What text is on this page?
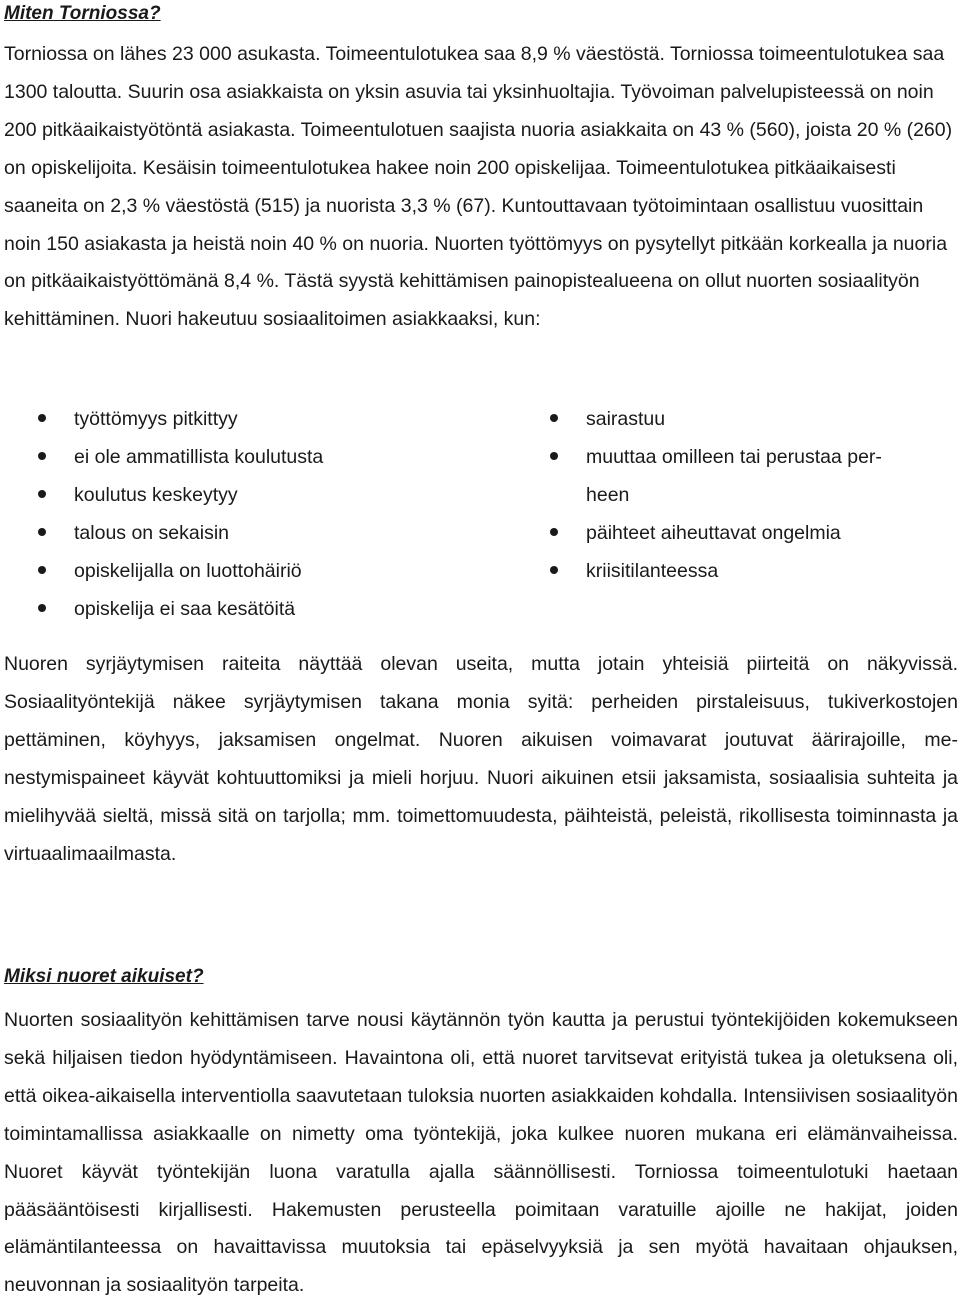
Miten Torniossa?

Torniossa on lähes 23 000 asukasta. Toimeentulotukea saa 8,9 % väestöstä. Torniossa toimeentulotukea saa 1300 taloutta. Suurin osa asiakkaista on yksin asuvia tai yksinhuoltajia. Työvoiman palvelupisteessä on noin 200 pitkäaikaistyötöntä asiakasta. Toimeentulotuen saajista nuoria asiakkaita on 43 % (560), joista 20 % (260) on opiskelijoita. Kesäisin toimeentulotukea hakee noin 200 opiskelijaa. Toimeentulotukea pitkäaikaisesti saaneita on 2,3 % väestöstä (515) ja nuorista 3,3 % (67). Kuntouttavaan työtoimintaan osallistuu vuosittain noin 150 asiakasta ja heistä noin 40 % on nuoria. Nuorten työttömyys on pysytellyt pitkään korkealla ja nuoria on pitkäaikaistyöttömänä 8,4 %. Tästä syystä kehittämisen painopistealueena on ollut nuorten sosiaalityön kehittäminen. Nuori hakeutuu sosiaalitoimen asiakkaaksi, kun:

työttömyys pitkittyy
ei ole ammatillista koulutusta
koulutus keskeytyy
talous on sekaisin
opiskelijalla on luottohäiriö
opiskelija ei saa kesätöitä
sairastuu
muuttaa omilleen tai perustaa per-
heen
päihteet aiheuttavat ongelmia
kriisitilanteessa

Nuoren syrjäytymisen raiteita näyttää olevan useita, mutta jotain yhteisiä piirteitä on näkyvissä. Sosiaalityöntekijä näkee syrjäytymisen takana monia syitä: perheiden pirstaleisuus, tukiverkostojen pettäminen, köyhyys, jaksamisen ongelmat. Nuoren aikuisen voimavarat joutuvat äärirajoille, menestymispaineet käyvät kohtuuttomiksi ja mieli horjuu. Nuori aikuinen etsii jaksamista, sosiaalisia suhteita ja mielihyvää sieltä, missä sitä on tarjolla; mm. toimettomuudesta, päihteistä, peleistä, rikollisesta toiminnasta ja virtuaalimaailmasta.

Miksi nuoret aikuiset?

Nuorten sosiaalityön kehittämisen tarve nousi käytännön työn kautta ja perustui työntekijöiden kokemukseen sekä hiljaisen tiedon hyödyntämiseen. Havaintona oli, että nuoret tarvitsevat erityistä tukea ja oletuksena oli, että oikea-aikaisella interventiolla saavutetaan tuloksia nuorten asiakkaiden kohdalla. Intensiivisen sosiaalityön toimintamallissa asiakkaalle on nimetty oma työntekijä, joka kulkee nuoren mukana eri elämänvaiheissa. Nuoret käyvät työntekijän luona varatulla ajalla säännöllisesti. Torniossa toimeentulotuki haetaan pääsääntöisesti kirjallisesti. Hakemusten perusteella poimitaan varatuille ajoille ne hakijat, joiden elämäntilanteessa on havaittavissa muutoksia tai epäselvyyksiä ja sen myötä havaitaan ohjauksen, neuvonnan ja sosiaalityön tarpeita.
